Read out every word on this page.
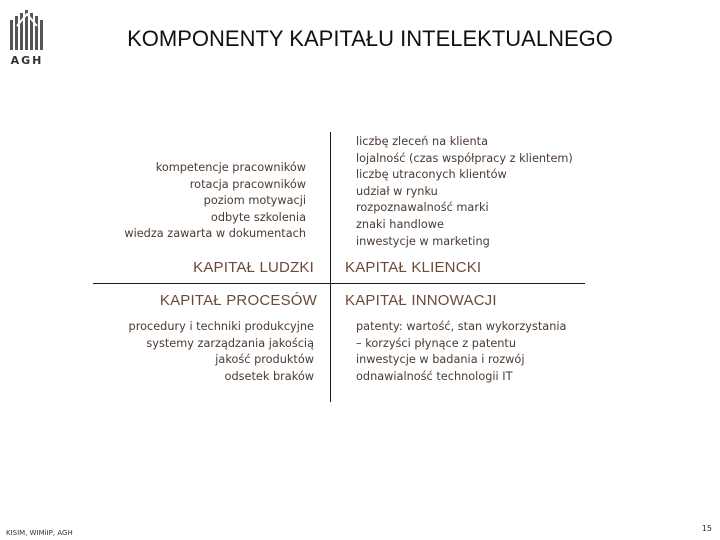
AGH
KOMPONENTY KAPITAŁU INTELEKTUALNEGO
kompetencje pracowników
rotacja pracowników
poziom motywacji
odbyte szkolenia
wiedza zawarta w dokumentach
liczbę zleceń na klienta
lojalność (czas współpracy z klientem)
liczbę utraconych klientów
udział w rynku
rozpoznawalność marki
znaki handlowe
inwestycje w marketing
KAPITAŁ LUDZKI KAPITAŁ KLIENCKI
KAPITAŁ PROCESÓW KAPITAŁ INNOWACJI
procedury i techniki produkcyjne
systemy zarządzania jakością
jakość produktów
odsetek braków
patenty: wartość, stan wykorzystania
– korzyści płynące z patentu
inwestycje w badania i rozwój
odnawialność technologii IT
KISIM, WIMiIP, AGH	15
